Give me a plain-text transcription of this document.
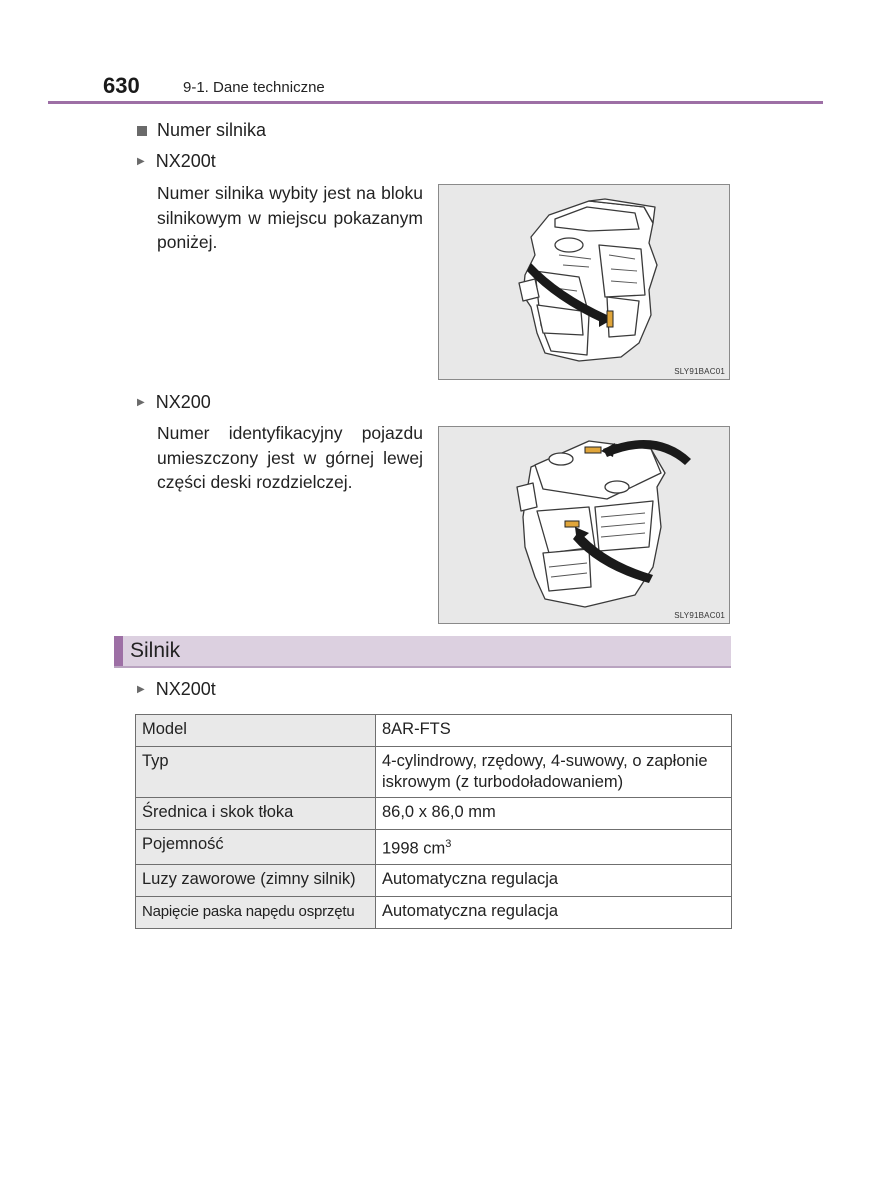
630	9-1. Dane techniczne
Numer silnika
▶ NX200t
Numer silnika wybity jest na bloku silnikowym w miejscu pokazanym poniżej.
SLY91BAC01
▶ NX200
Numer identyfikacyjny pojazdu umieszczony jest w górnej lewej części deski rozdzielczej.
SLY91BAC01
Silnik
▶ NX200t
Model	8AR-FTS
Typ	4-cylindrowy, rzędowy, 4-suwowy, o zapłonie iskrowym (z turbodoładowaniem)
Średnica i skok tłoka	86,0 x 86,0 mm
Pojemność	1998 $cm^3$
Luzy zaworowe (zimny silnik)	Automatyczna regulacja
Napięcie paska napędu osprzętu	Automatyczna regulacja
